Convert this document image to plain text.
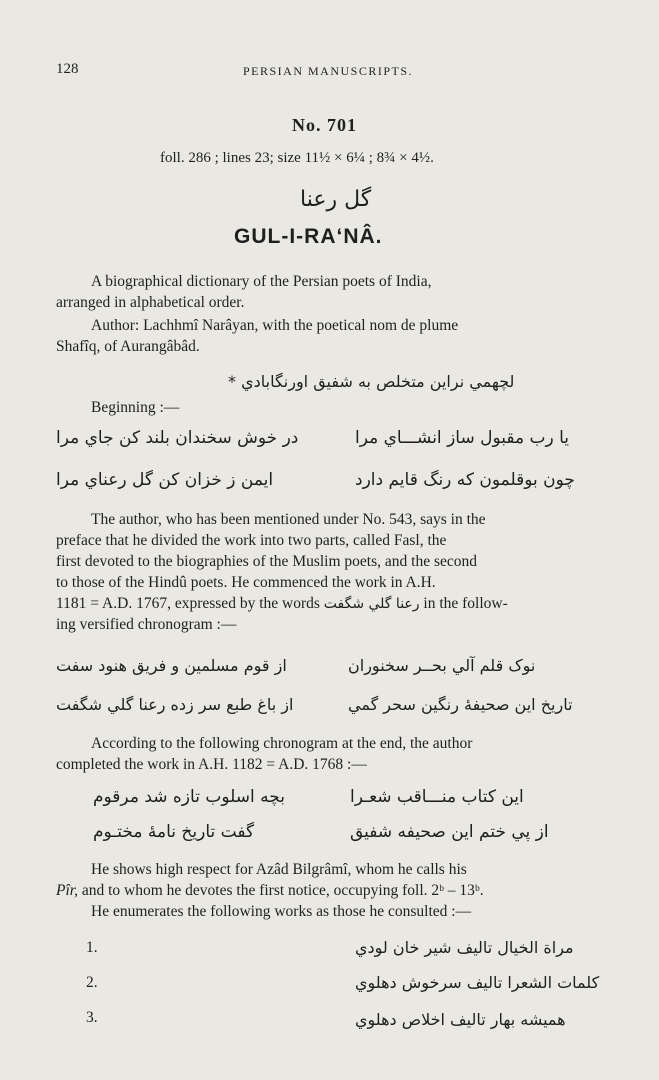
128	PERSIAN MANUSCRIPTS.
No. 701
foll. 286 ; lines 23; size 11½ × 6¼ ; 8¾ × 4½.
گل رعنا
GUL-I-RA‘NÂ.
A biographical dictionary of the Persian poets of India,
arranged in alphabetical order.
Author: Lachhmî Narâyan, with the poetical nom de plume
Shafîq, of Aurangâbâd.
لچھمي نراين متخلص به شفيق اورنگابادي *
Beginning :—
يا رب مقبول ساز انشـــاي مرا
در خوش سخندان بلند كن جاي مرا
چون بوقلمون كه رنگ قايم دارد
ايمن ز خزان كن گل رعناي مرا
The author, who has been mentioned under No. 543, says in the
preface that he divided the work into two parts, called Fasl, the
first devoted to the biographies of the Muslim poets, and the second
to those of the Hindû poets. He commenced the work in A.H.
1181 = A.D. 1767, expressed by the words رعنا گلي شگفت in the follow-
ing versified chronogram :—
نوک قلم آلي بحــر سخنوران
از قوم مسلمين و فريق هنود سفت
تاريخ اين صحيفهٔ رنگين سحر گمي
از باغ طبع سر زده رعنا گلي شگفت
According to the following chronogram at the end, the author
completed the work in A.H. 1182 = A.D. 1768 :—
اين كتاب منـــاقب شعـرا
بچه اسلوب تازه شد مرقوم
از پي ختم اين صحيفه شفيق
گفت تاريخ نامهٔ مختـوم
He shows high respect for Azâd Bilgrâmî, whom he calls his
Pîr, and to whom he devotes the first notice, occupying foll. 2ᵇ – 13ᵇ.
He enumerates the following works as those he consulted :—
1.	مراة الخيال تاليف شير خان لودي
2.	كلمات الشعرا تاليف سرخوش دهلوي
3.	هميشه بهار تاليف اخلاص دهلوي
